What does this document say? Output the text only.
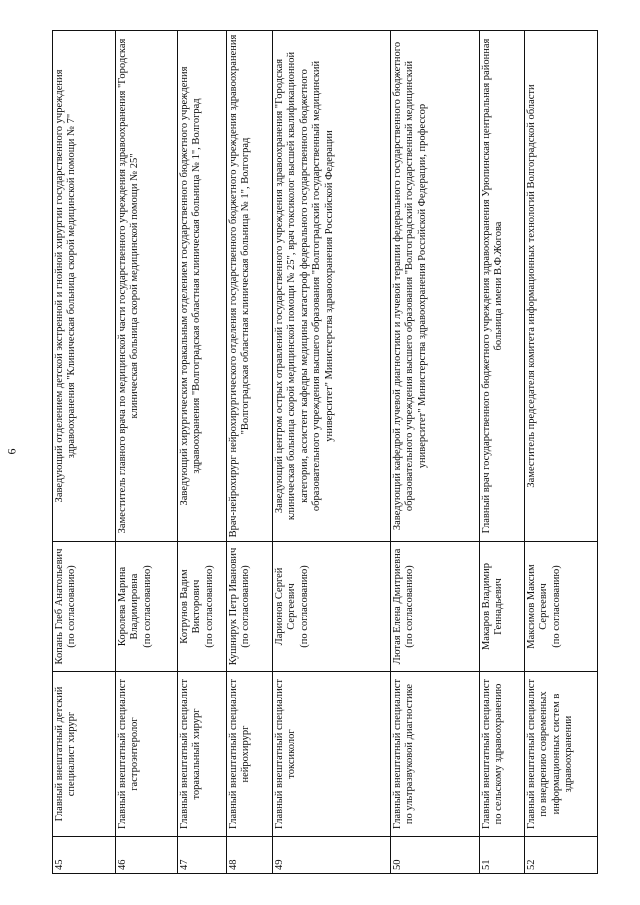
6
45	Главный внештатный детский специалист хирург	Копань Глеб Анатольевич (по согласованию)	Заведующий отделением детской экстренной и гнойной хирургии государственного учреждения здравоохранения "Клиническая больница скорой медицинской помощи № 7"
46	Главный внештатный специалист гастроэнтеролог	Королева Марина Владимировна (по согласованию)	Заместитель главного врача по медицинской части государственного учреждения здравоохранения "Городская клиническая больница скорой медицинской помощи № 25"
47	Главный внештатный специалист торакальный хирург	Котрунов Вадим Викторович (по согласованию)	Заведующий хирургическим торакальным отделением государственного бюджетного учреждения здравоохранения "Волгоградская областная клиническая больница № 1", Волгоград
48	Главный внештатный специалист нейрохирург	Кушнирук Петр Иванович (по согласованию)	Врач-нейрохирург нейрохирургического отделения государственного бюджетного учреждения здравоохранения "Волгоградская областная клиническая больница № 1", Волгоград
49	Главный внештатный специалист токсиколог	Ларионов Сергей Сергеевич (по согласованию)	Заведующий центром острых отравлений государственного учреждения здравоохранения "Городская клиническая больница скорой медицинской помощи № 25", врач токсиколог высшей квалификационной категории, ассистент кафедры медицины катастроф федерального государственного бюджетного образовательного учреждения высшего образования "Волгоградский государственный медицинский университет" Министерства здравоохранения Российской Федерации
50	Главный внештатный специалист по ультразвуковой диагностике	Лютая Елена Дмитриевна (по согласованию)	Заведующий кафедрой лучевой диагностики и лучевой терапии федерального государственного бюджетного образовательного учреждения высшего образования "Волгоградский государственный медицинский университет" Министерства здравоохранения Российской Федерации, профессор
51	Главный внештатный специалист по сельскому здравоохранению	Макаров Владимир Геннадьевич	Главный врач государственного бюджетного учреждения здравоохранения Урюпинская центральная районная больница имени В.Ф.Жогова
52	Главный внештатный специалист по внедрению современных информационных систем в здравоохранении	Максимов Максим Сергеевич (по согласованию)	Заместитель председателя комитета информационных технологий Волгоградской области
